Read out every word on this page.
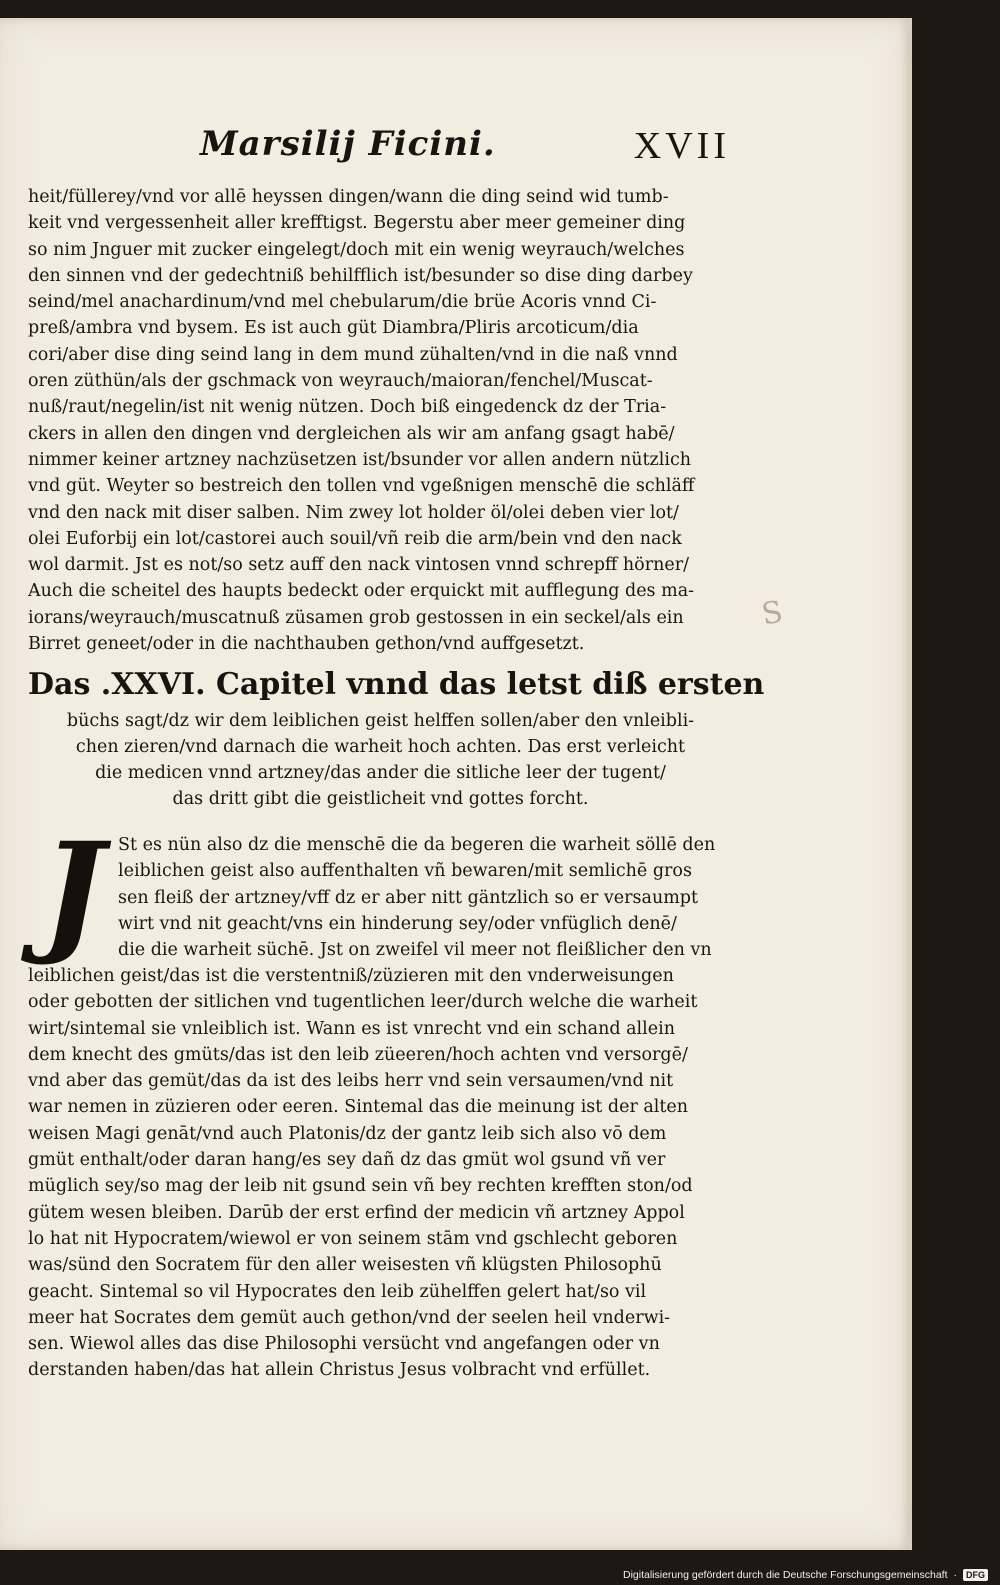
Marsilij Ficini.	XVII
heit/füllerey/vnd vor allē heyssen dingen/wann die ding seind wid tumb-
keit vnd vergessenheit aller krefftigst. Begerstu aber meer gemeiner ding
so nim Jnguer mit zucker eingelegt/doch mit ein wenig weyrauch/welches
den sinnen vnd der gedechtniß behilfflich ist/besunder so dise ding darbey
seind/mel anachardinum/vnd mel chebularum/die brüe Acoris vnnd Ci-
preß/ambra vnd bysem. Es ist auch güt Diambra/Pliris arcoticum/dia
cori/aber dise ding seind lang in dem mund zühalten/vnd in die naß vnnd
oren züthün/als der gschmack von weyrauch/maioran/fenchel/Muscat-
nuß/raut/negelin/ist nit wenig nützen. Doch biß eingedenck dz der Tria-
ckers in allen den dingen vnd dergleichen als wir am anfang gsagt habē/
nimmer keiner artzney nachzüsetzen ist/bsunder vor allen andern nützlich
vnd güt. Weyter so bestreich den tollen vnd vgeßnigen menschē die schläff
vnd den nack mit diser salben. Nim zwey lot holder öl/olei deben vier lot/
olei Euforbij ein lot/castorei auch souil/vñ reib die arm/bein vnd den nack
wol darmit. Jst es not/so setz auff den nack vintosen vnnd schrepff hörner/
Auch die scheitel des haupts bedeckt oder erquickt mit aufflegung des ma-
iorans/weyrauch/muscatnuß züsamen grob gestossen in ein seckel/als ein
Birret geneet/oder in die nachthauben gethon/vnd auffgesetzt.
S
Das .XXVI. Capitel vnnd das letst diß ersten
büchs sagt/dz wir dem leiblichen geist helffen sollen/aber den vnleibli-
chen zieren/vnd darnach die warheit hoch achten. Das erst verleicht
die medicen vnnd artzney/das ander die sitliche leer der tugent/
das dritt gibt die geistlicheit vnd gottes forcht.
J St es nün also dz die menschē die da begeren die warheit söllē den
leiblichen geist also auffenthalten vñ bewaren/mit semlichē gros
sen fleiß der artzney/vff dz er aber nitt gäntzlich so er versaumpt
wirt vnd nit geacht/vns ein hinderung sey/oder vnfüglich denē/
die die warheit süchē. Jst on zweifel vil meer not fleißlicher den vn
leiblichen geist/das ist die verstentniß/züzieren mit den vnderweisungen
oder gebotten der sitlichen vnd tugentlichen leer/durch welche die warheit
wirt/sintemal sie vnleiblich ist. Wann es ist vnrecht vnd ein schand allein
dem knecht des gmüts/das ist den leib züeeren/hoch achten vnd versorgē/
vnd aber das gemüt/das da ist des leibs herr vnd sein versaumen/vnd nit
war nemen in züzieren oder eeren. Sintemal das die meinung ist der alten
weisen Magi genāt/vnd auch Platonis/dz der gantz leib sich also vō dem
gmüt enthalt/oder daran hang/es sey dañ dz das gmüt wol gsund vñ ver
müglich sey/so mag der leib nit gsund sein vñ bey rechten krefften ston/od
gütem wesen bleiben. Darūb der erst erfind der medicin vñ artzney Appol
lo hat nit Hypocratem/wiewol er von seinem stām vnd gschlecht geboren
was/sünd den Socratem für den aller weisesten vñ klügsten Philosophū
geacht. Sintemal so vil Hypocrates den leib zühelffen gelert hat/so vil
meer hat Socrates dem gemüt auch gethon/vnd der seelen heil vnderwi-
sen. Wiewol alles das dise Philosophi versücht vnd angefangen oder vn
derstanden haben/das hat allein Christus Jesus volbracht vnd erfüllet.
Digitalisierung gefördert durch die Deutsche Forschungsgemeinschaft ·	DFG
